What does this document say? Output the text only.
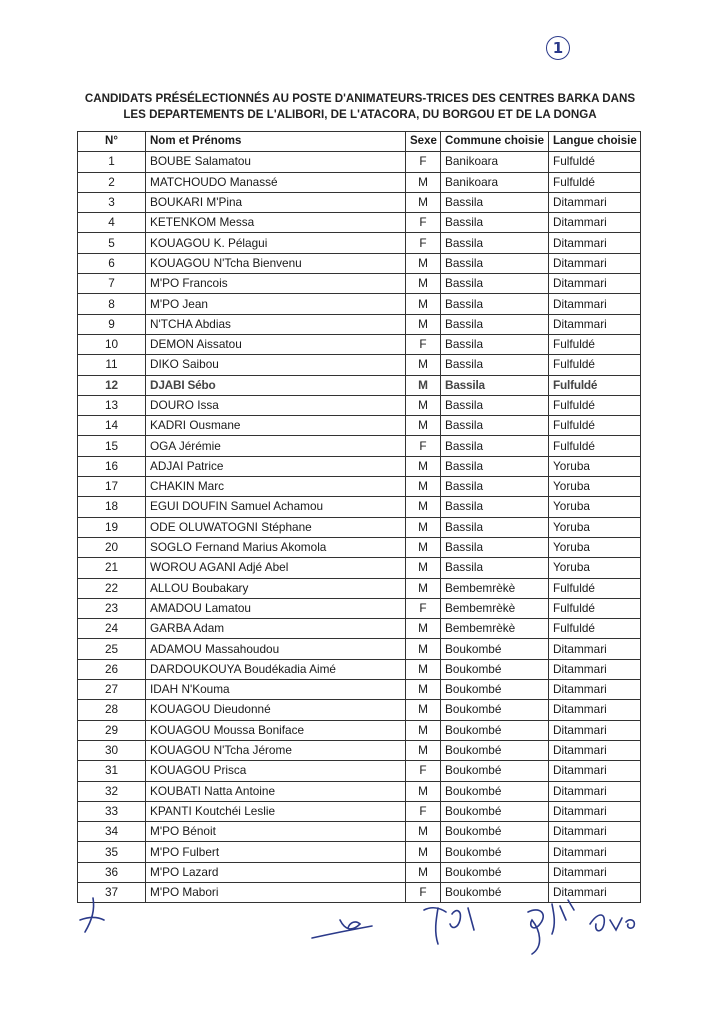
1
CANDIDATS PRÉSÉLECTIONNÉS AU POSTE D'ANIMATEURS-TRICES DES CENTRES BARKA DANS
LES DEPARTEMENTS DE L'ALIBORI, DE L'ATACORA, DU BORGOU ET DE LA DONGA
N°	Nom et Prénoms	Sexe	Commune choisie	Langue choisie
1	BOUBE Salamatou	F	Banikoara	Fulfuldé
2	MATCHOUDO Manassé	M	Banikoara	Fulfuldé
3	BOUKARI M'Pina	M	Bassila	Ditammari
4	KETENKOM Messa	F	Bassila	Ditammari
5	KOUAGOU K. Pélagui	F	Bassila	Ditammari
6	KOUAGOU N'Tcha Bienvenu	M	Bassila	Ditammari
7	M'PO Francois	M	Bassila	Ditammari
8	M'PO Jean	M	Bassila	Ditammari
9	N'TCHA Abdias	M	Bassila	Ditammari
10	DEMON Aissatou	F	Bassila	Fulfuldé
11	DIKO Saibou	M	Bassila	Fulfuldé
12	DJABI Sébo	M	Bassila	Fulfuldé
13	DOURO Issa	M	Bassila	Fulfuldé
14	KADRI Ousmane	M	Bassila	Fulfuldé
15	OGA Jérémie	F	Bassila	Fulfuldé
16	ADJAI Patrice	M	Bassila	Yoruba
17	CHAKIN Marc	M	Bassila	Yoruba
18	EGUI DOUFIN Samuel Achamou	M	Bassila	Yoruba
19	ODE OLUWATOGNI Stéphane	M	Bassila	Yoruba
20	SOGLO Fernand Marius Akomola	M	Bassila	Yoruba
21	WOROU AGANI Adjé Abel	M	Bassila	Yoruba
22	ALLOU Boubakary	M	Bembemrèkè	Fulfuldé
23	AMADOU Lamatou	F	Bembemrèkè	Fulfuldé
24	GARBA Adam	M	Bembemrèkè	Fulfuldé
25	ADAMOU Massahoudou	M	Boukombé	Ditammari
26	DARDOUKOUYA Boudékadia Aimé	M	Boukombé	Ditammari
27	IDAH N'Kouma	M	Boukombé	Ditammari
28	KOUAGOU Dieudonné	M	Boukombé	Ditammari
29	KOUAGOU Moussa Boniface	M	Boukombé	Ditammari
30	KOUAGOU N'Tcha Jérome	M	Boukombé	Ditammari
31	KOUAGOU Prisca	F	Boukombé	Ditammari
32	KOUBATI Natta Antoine	M	Boukombé	Ditammari
33	KPANTI Koutchéi Leslie	F	Boukombé	Ditammari
34	M'PO Bénoit	M	Boukombé	Ditammari
35	M'PO Fulbert	M	Boukombé	Ditammari
36	M'PO Lazard	M	Boukombé	Ditammari
37	M'PO Mabori	F	Boukombé	Ditammari
